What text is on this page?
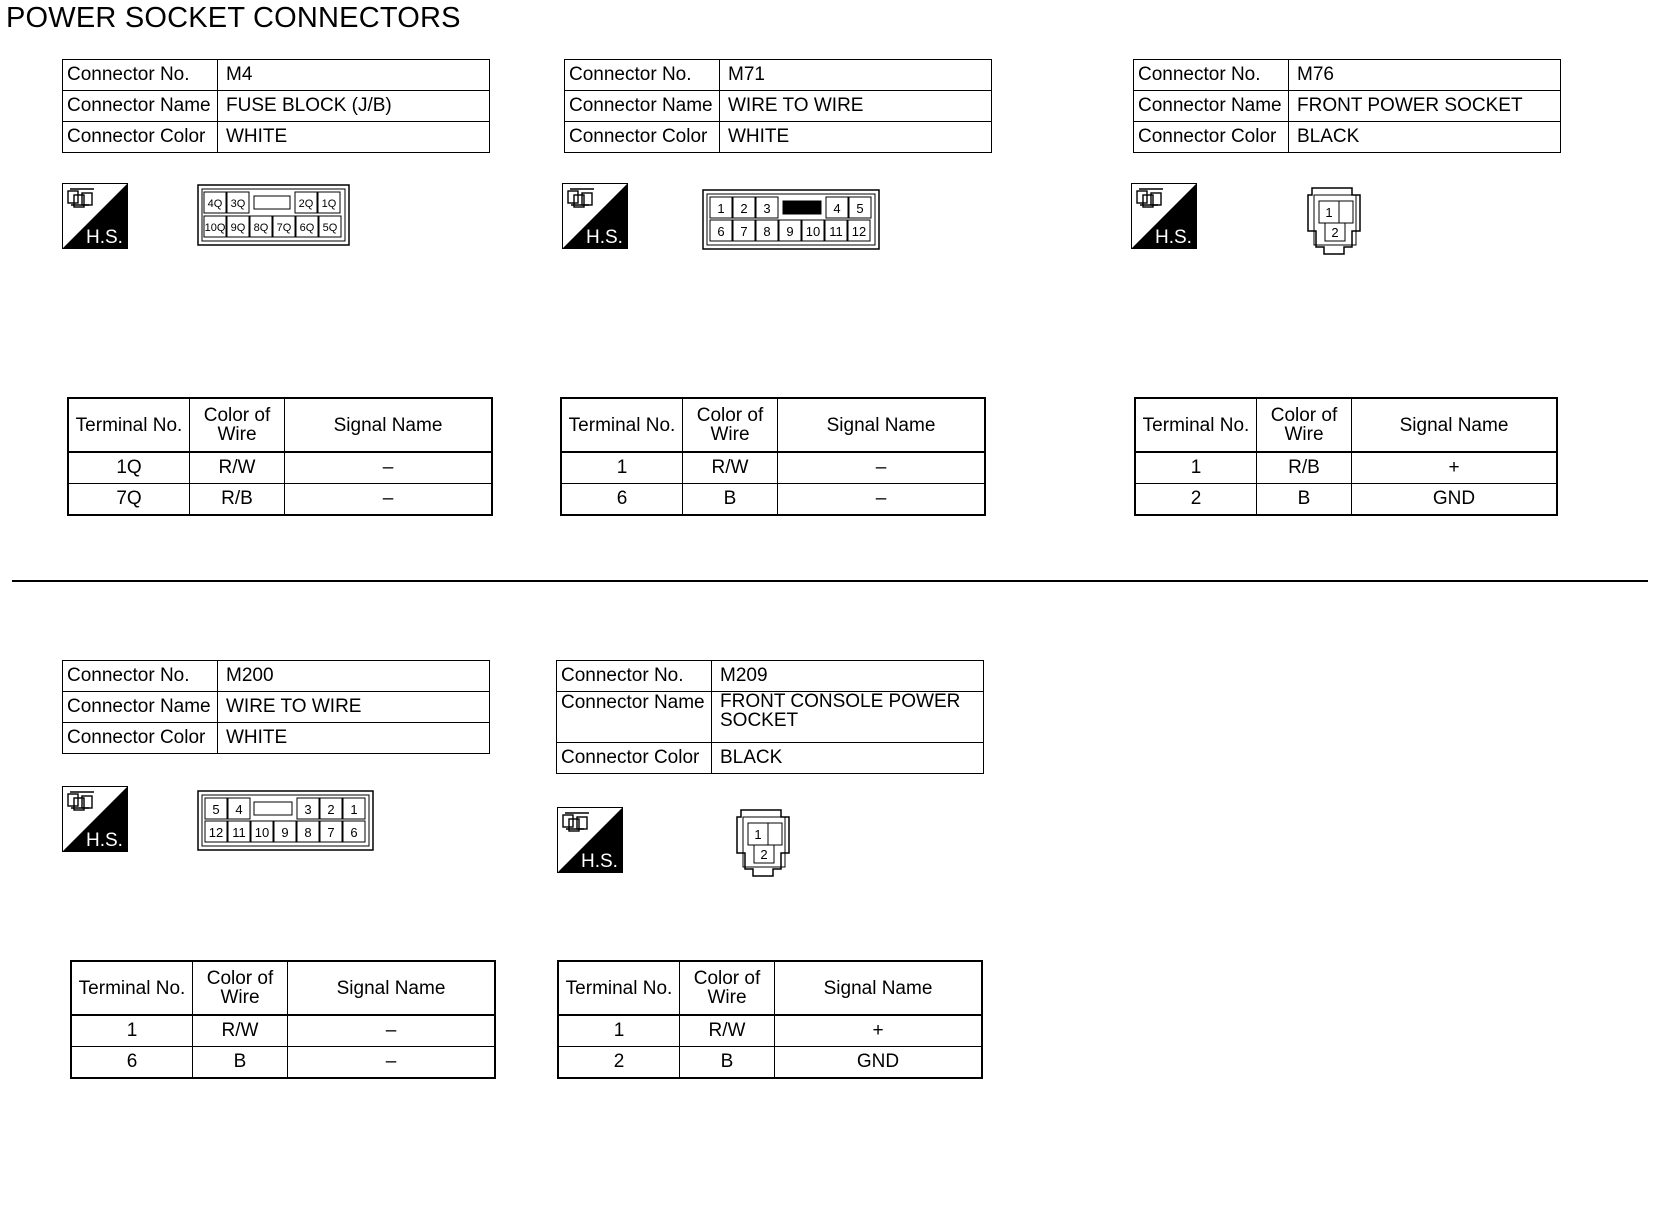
POWER SOCKET CONNECTORS
Connector No.	M4
Connector Name	FUSE BLOCK (J/B)
Connector Color	WHITE
H.S.
4Q 3Q	2Q 1Q
10Q 9Q 8Q 7Q 6Q 5Q
Terminal No.	Color of Wire	Signal Name
1Q	R/W	–
7Q	R/B	–
Connector No.	M71
Connector Name	WIRE TO WIRE
Connector Color	WHITE
H.S.
1 2 3	4 5
6 7 8 9 10 11 12
Terminal No.	Color of Wire	Signal Name
1	R/W	–
6	B	–
Connector No.	M76
Connector Name	FRONT POWER SOCKET
Connector Color	BLACK
H.S.
1
2
Terminal No.	Color of Wire	Signal Name
1	R/B	+
2	B	GND
Connector No.	M200
Connector Name	WIRE TO WIRE
Connector Color	WHITE
H.S.
5 4	3 2 1
12 11 10 9 8 7 6
Terminal No.	Color of Wire	Signal Name
1	R/W	–
6	B	–
Connector No.	M209
Connector Name	FRONT CONSOLE POWER SOCKET
Connector Color	BLACK
H.S.
1
2
Terminal No.	Color of Wire	Signal Name
1	R/W	+
2	B	GND
